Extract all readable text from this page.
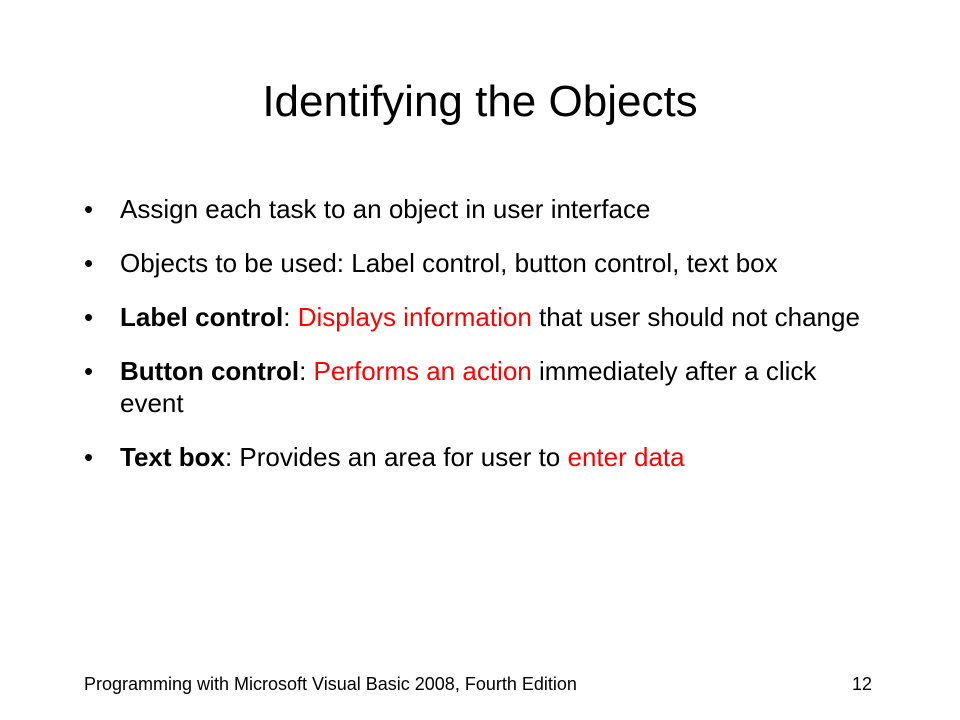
Identifying the Objects
•	Assign each task to an object in user interface
•	Objects to be used: Label control, button control, text box
•	Label control: Displays information that user should not change
•	Button control: Performs an action immediately after a click event
•	Text box: Provides an area for user to enter data
Programming with Microsoft Visual Basic 2008, Fourth Edition	12
